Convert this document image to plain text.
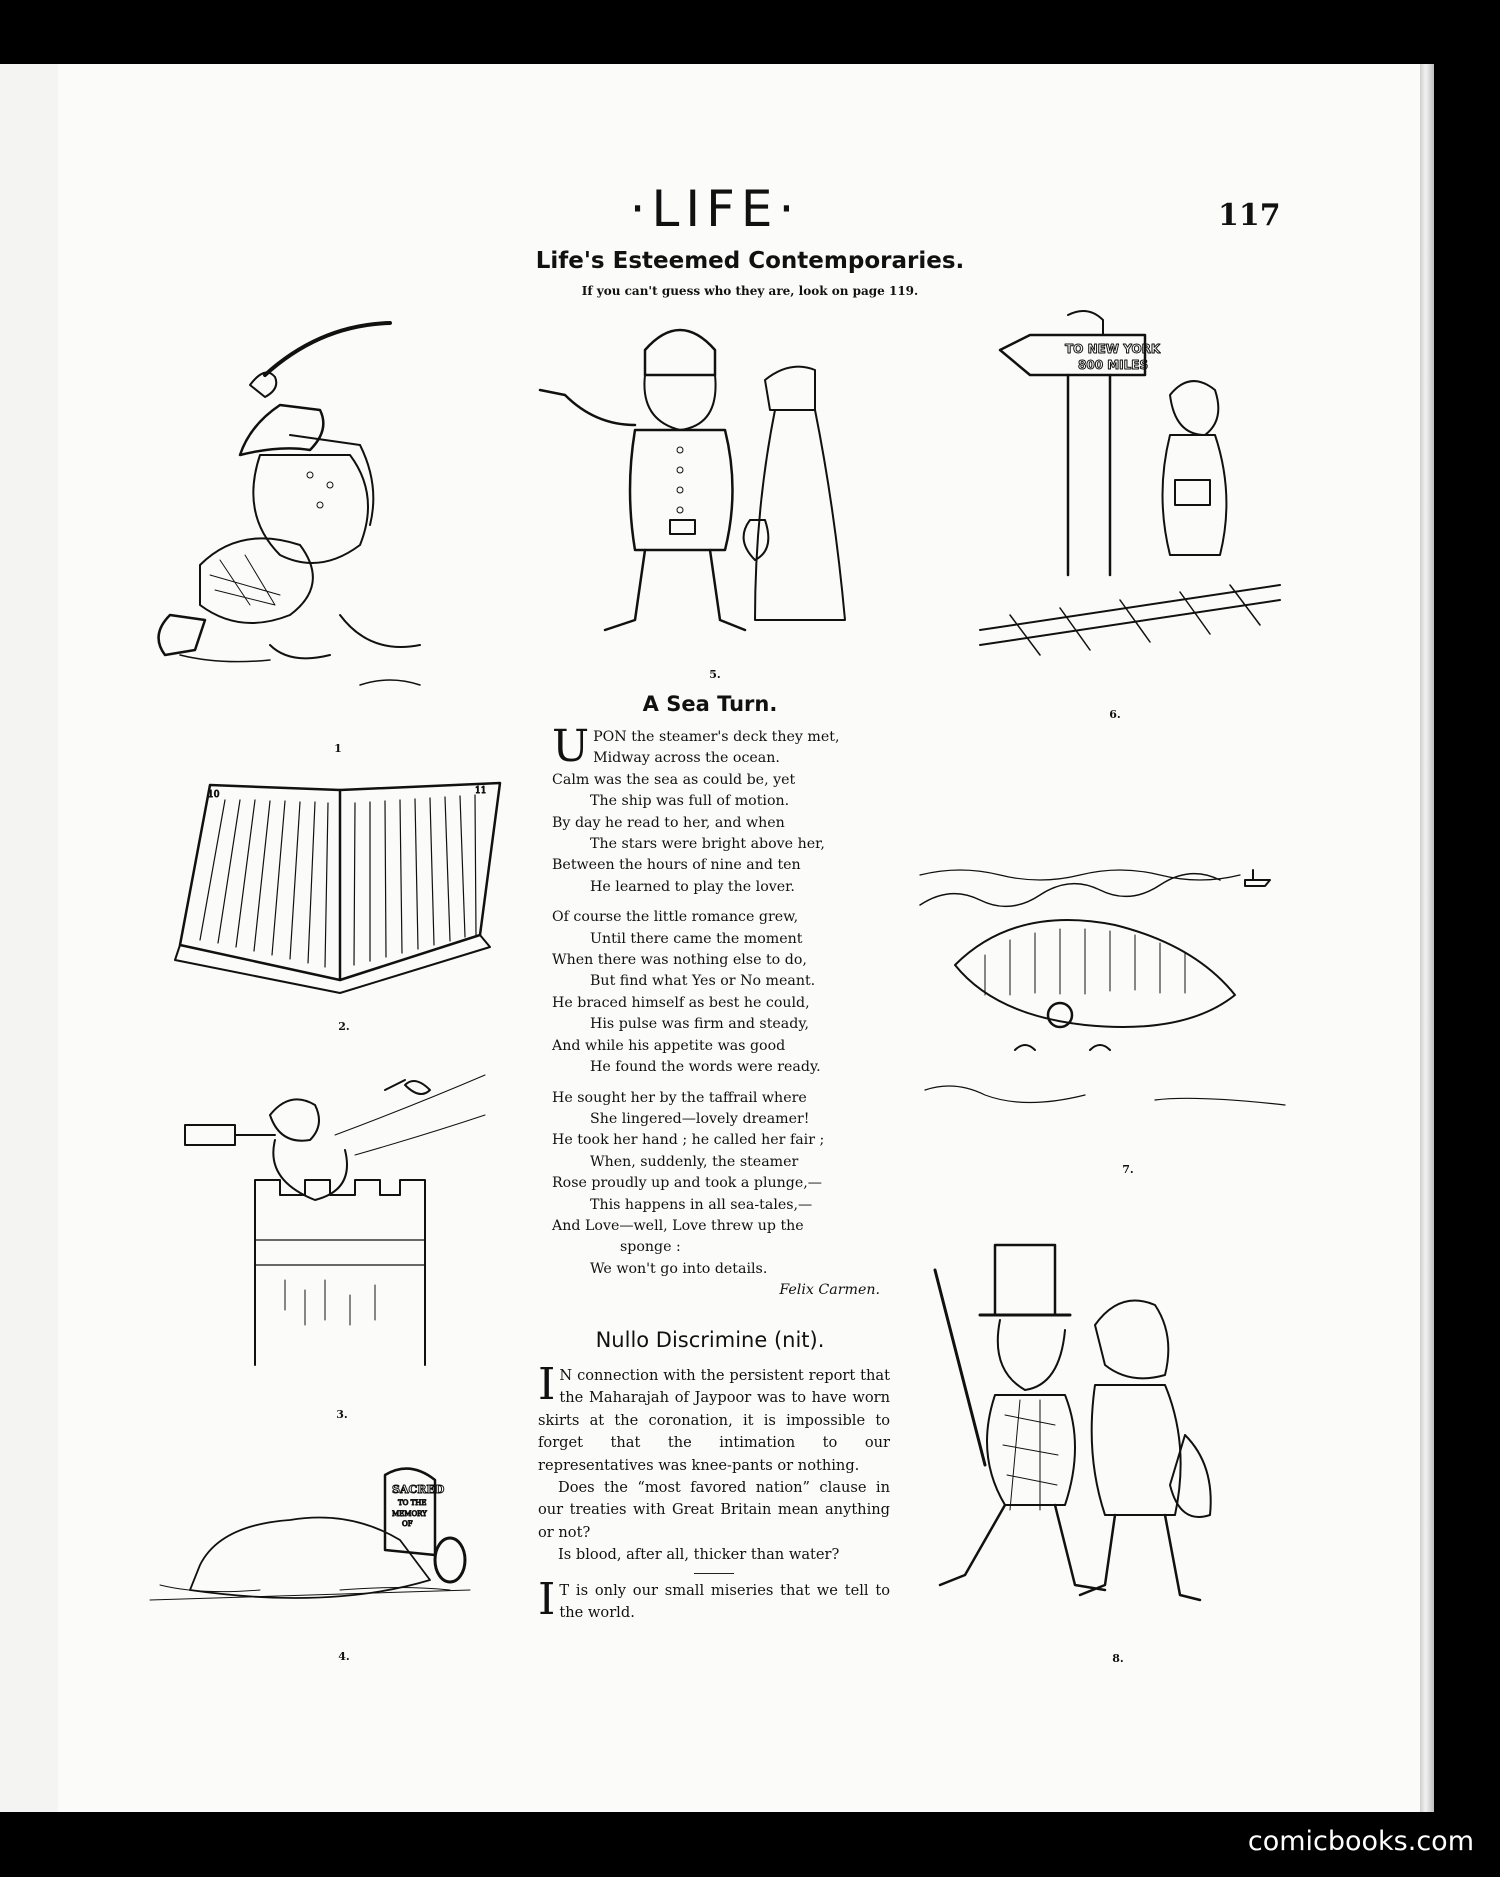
·LIFE·	117
Life's Esteemed Contemporaries.
If you can't guess who they are, look on page 119.
1
10	11
2.
3.
SACRED
TO THE
MEMORY
OF
4.
5.
TO NEW YORK
800 MILES
6.
7.
8.
A Sea Turn.
UPON the steamer's deck they met,
Midway across the ocean.
Calm was the sea as could be, yet
The ship was full of motion.
By day he read to her, and when
The stars were bright above her,
Between the hours of nine and ten
He learned to play the lover.
Of course the little romance grew,
Until there came the moment
When there was nothing else to do,
But find what Yes or No meant.
He braced himself as best he could,
His pulse was firm and steady,
And while his appetite was good
He found the words were ready.
He sought her by the taffrail where
She lingered—lovely dreamer!
He took her hand ; he called her fair ;
When, suddenly, the steamer
Rose proudly up and took a plunge,—
This happens in all sea-tales,—
And Love—well, Love threw up the
sponge :
We won't go into details.
Felix Carmen.
Nullo Discrimine (nit).

I N connection with the persistent report that the Maharajah of Jaypoor was to have worn skirts at the coronation, it is impossible to forget that the intimation to our representatives was knee-pants or nothing.

Does the “most favored nation” clause in our treaties with Great Britain mean anything or not?

Is blood, after all, thicker than water?

I T is only our small miseries that we tell to the world.

comicbooks.com
